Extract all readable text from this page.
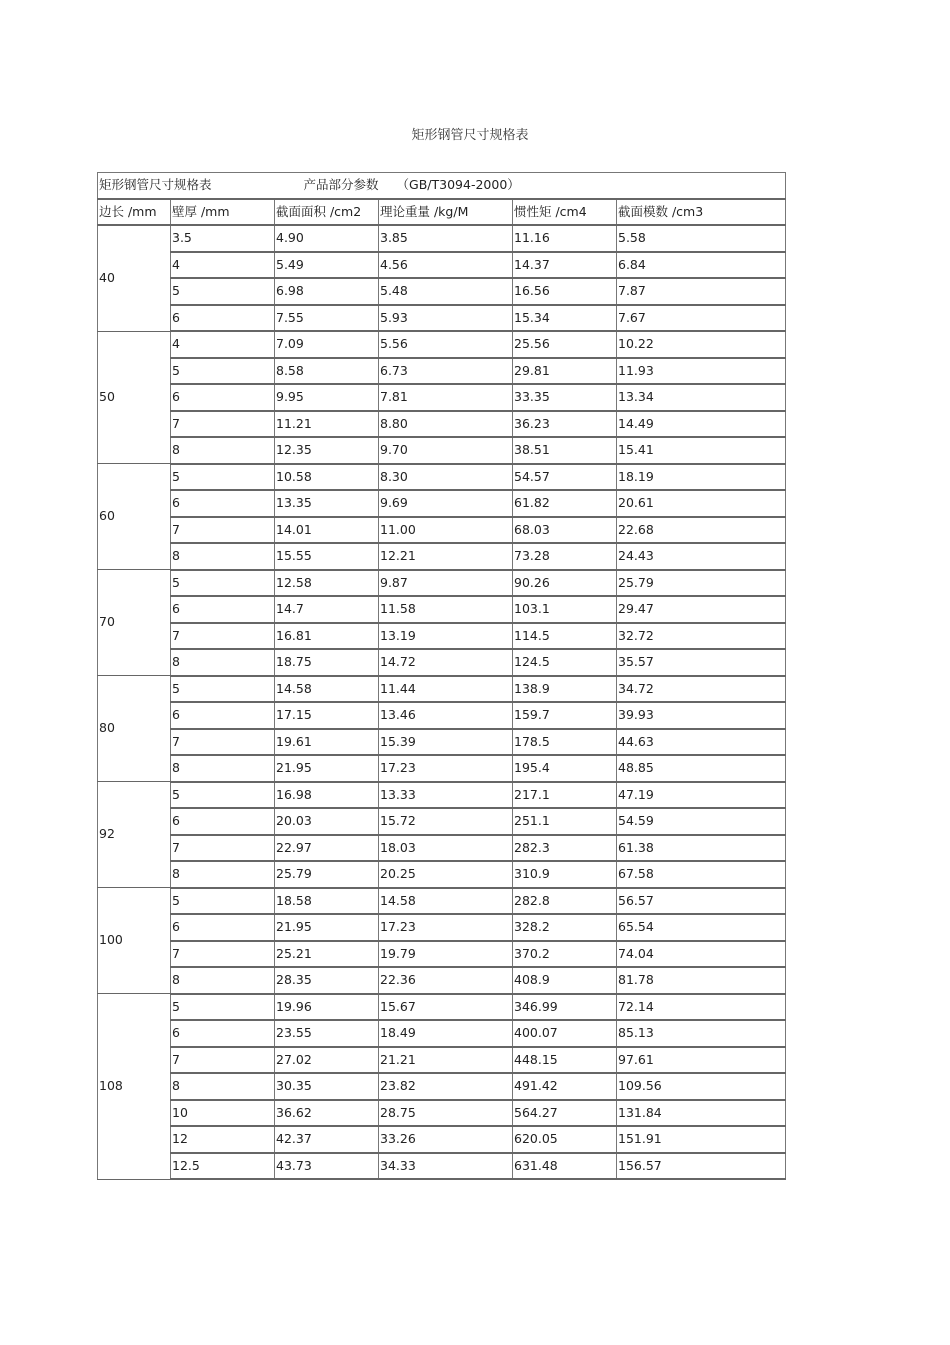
矩形钢管尺寸规格表
矩形钢管尺寸规格表 产品部分参数 （GB/T3094-2000）					
边长 /mm	壁厚 /mm	截面面积 /cm2	理论重量 /kg/M	惯性矩 /cm4	截面模数 /cm3
40	3.5	4.90	3.85	11.16	5.58
	4	5.49	4.56	14.37	6.84
	5	6.98	5.48	16.56	7.87
	6	7.55	5.93	15.34	7.67
50	4	7.09	5.56	25.56	10.22
	5	8.58	6.73	29.81	11.93
	6	9.95	7.81	33.35	13.34
	7	11.21	8.80	36.23	14.49
	8	12.35	9.70	38.51	15.41
60	5	10.58	8.30	54.57	18.19
	6	13.35	9.69	61.82	20.61
	7	14.01	11.00	68.03	22.68
	8	15.55	12.21	73.28	24.43
70	5	12.58	9.87	90.26	25.79
	6	14.7	11.58	103.1	29.47
	7	16.81	13.19	114.5	32.72
	8	18.75	14.72	124.5	35.57
80	5	14.58	11.44	138.9	34.72
	6	17.15	13.46	159.7	39.93
	7	19.61	15.39	178.5	44.63
	8	21.95	17.23	195.4	48.85
92	5	16.98	13.33	217.1	47.19
	6	20.03	15.72	251.1	54.59
	7	22.97	18.03	282.3	61.38
	8	25.79	20.25	310.9	67.58
100	5	18.58	14.58	282.8	56.57
	6	21.95	17.23	328.2	65.54
	7	25.21	19.79	370.2	74.04
	8	28.35	22.36	408.9	81.78
108	5	19.96	15.67	346.99	72.14
	6	23.55	18.49	400.07	85.13
	7	27.02	21.21	448.15	97.61
	8	30.35	23.82	491.42	109.56
	10	36.62	28.75	564.27	131.84
	12	42.37	33.26	620.05	151.91
	12.5	43.73	34.33	631.48	156.57
